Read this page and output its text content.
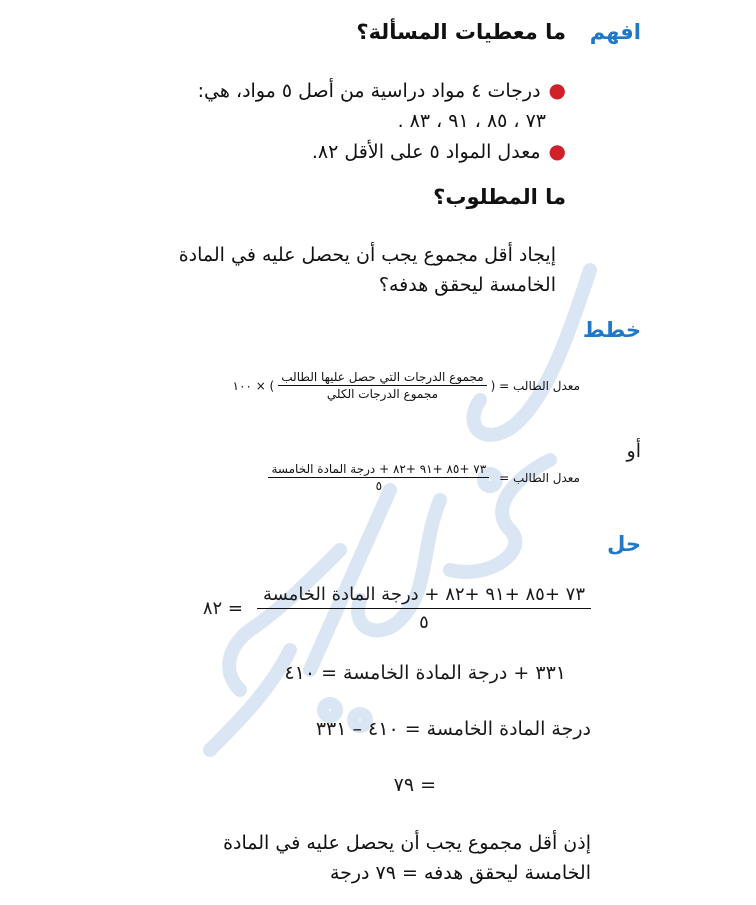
افهم
ما معطيات المسألة؟
●درجات ٤ مواد دراسية من أصل ٥ مواد، هي:
٧٣ ، ٨٥ ، ٩١ ، ٨٣ .
●معدل المواد ٥ على الأقل ٨٢.
ما المطلوب؟
إيجاد أقل مجموع يجب أن يحصل عليه في المادة
الخامسة ليحقق هدفه؟
خطط
معدل الطالب = (
$\frac{\text{مجموع الدرجات التي حصل عليها الطالب}}{\text{مجموع الدرجات الكلي}}$
) × ١٠٠
أو
معدل الطالب =
$\frac{\text{٧٣ +٨٥ +٩١ +٨٢ + درجة المادة الخامسة}}{٥}$
حل
$\frac{\text{٧٣ +٨٥ +٩١ +٨٢ + درجة المادة الخامسة}}{٥}$
= ٨٢
٣٣١ + درجة المادة الخامسة = ٤١٠
درجة المادة الخامسة = ٤١٠ – ٣٣١
= ٧٩
إذن أقل مجموع يجب أن يحصل عليه في المادة
الخامسة ليحقق هدفه = ٧٩ درجة
